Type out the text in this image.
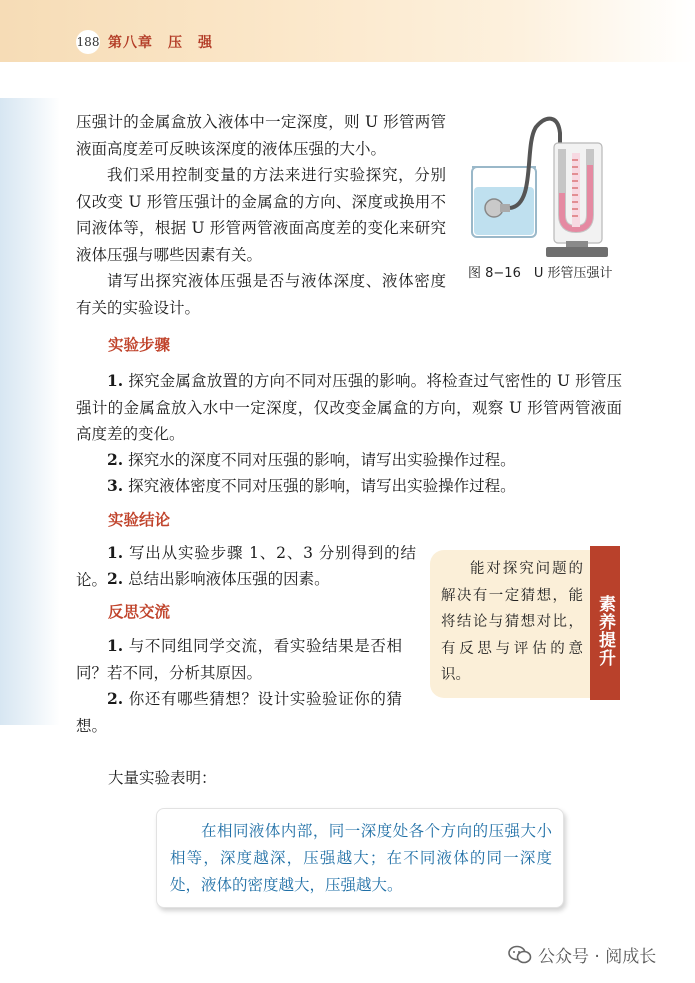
188 第八章　压　强

压强计的金属盒放入液体中一定深度，则 U 形管两管液面高度差可反映该深度的液体压强的大小。

我们采用控制变量的方法来进行实验探究，分别仅改变 U 形管压强计的金属盒的方向、深度或换用不同液体等，根据 U 形管两管液面高度差的变化来研究液体压强与哪些因素有关。

请写出探究液体压强是否与液体深度、液体密度有关的实验设计。

图 8−16　U 形管压强计
实验步骤

1. 探究金属盒放置的方向不同对压强的影响。将检查过气密性的 U 形管压强计的金属盒放入水中一定深度，仅改变金属盒的方向，观察 U 形管两管液面高度差的变化。

2. 探究水的深度不同对压强的影响，请写出实验操作过程。

3. 探究液体密度不同对压强的影响，请写出实验操作过程。

实验结论

1. 写出从实验步骤 1、2、3 分别得到的结论。 2. 总结出影响液体压强的因素。

反思交流

1. 与不同组同学交流，看实验结果是否相同？若不同，分析其原因。

2. 你还有哪些猜想？设计实验验证你的猜想。

能对探究问题的解决有一定猜想，能将结论与猜想对比，有反思与评估的意识。

素养提升

大量实验表明：

在相同液体内部，同一深度处各个方向的压强大小相等，深度越深，压强越大；在不同液体的同一深度处，液体的密度越大，压强越大。

公众号 · 阅成长
